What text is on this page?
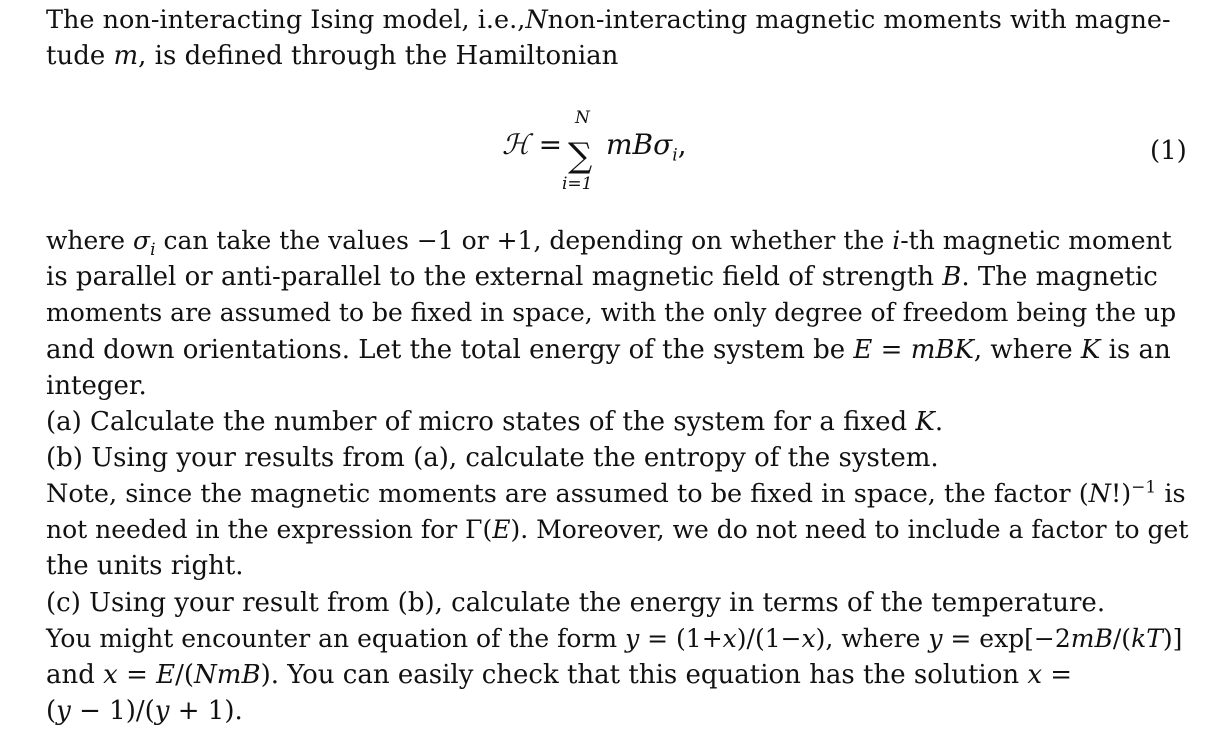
The non-interacting Ising model, i.e.,Nnon-interacting magnetic moments with magne-
tude m, is defined through the Hamiltonian
N
ℋ = ∑ mBσ$_i$,
i=1
(1)
where $\sigma_i$ can take the values −1 or +1, depending on whether the i-th magnetic moment
is parallel or anti-parallel to the external magnetic field of strength B. The magnetic
moments are assumed to be fixed in space, with the only degree of freedom being the up
and down orientations. Let the total energy of the system be E = mBK, where K is an
integer.
(a) Calculate the number of micro states of the system for a fixed K.
(b) Using your results from (a), calculate the entropy of the system.
Note, since the magnetic moments are assumed to be fixed in space, the factor $(N!)^{-1}$ is
not needed in the expression for Γ(E). Moreover, we do not need to include a factor to get
the units right.
(c) Using your result from (b), calculate the energy in terms of the temperature.
You might encounter an equation of the form y = (1+x)/(1−x), where y = exp[−2mB/(kT)]
and x = E/(NmB). You can easily check that this equation has the solution x =
(y − 1)/(y + 1).
